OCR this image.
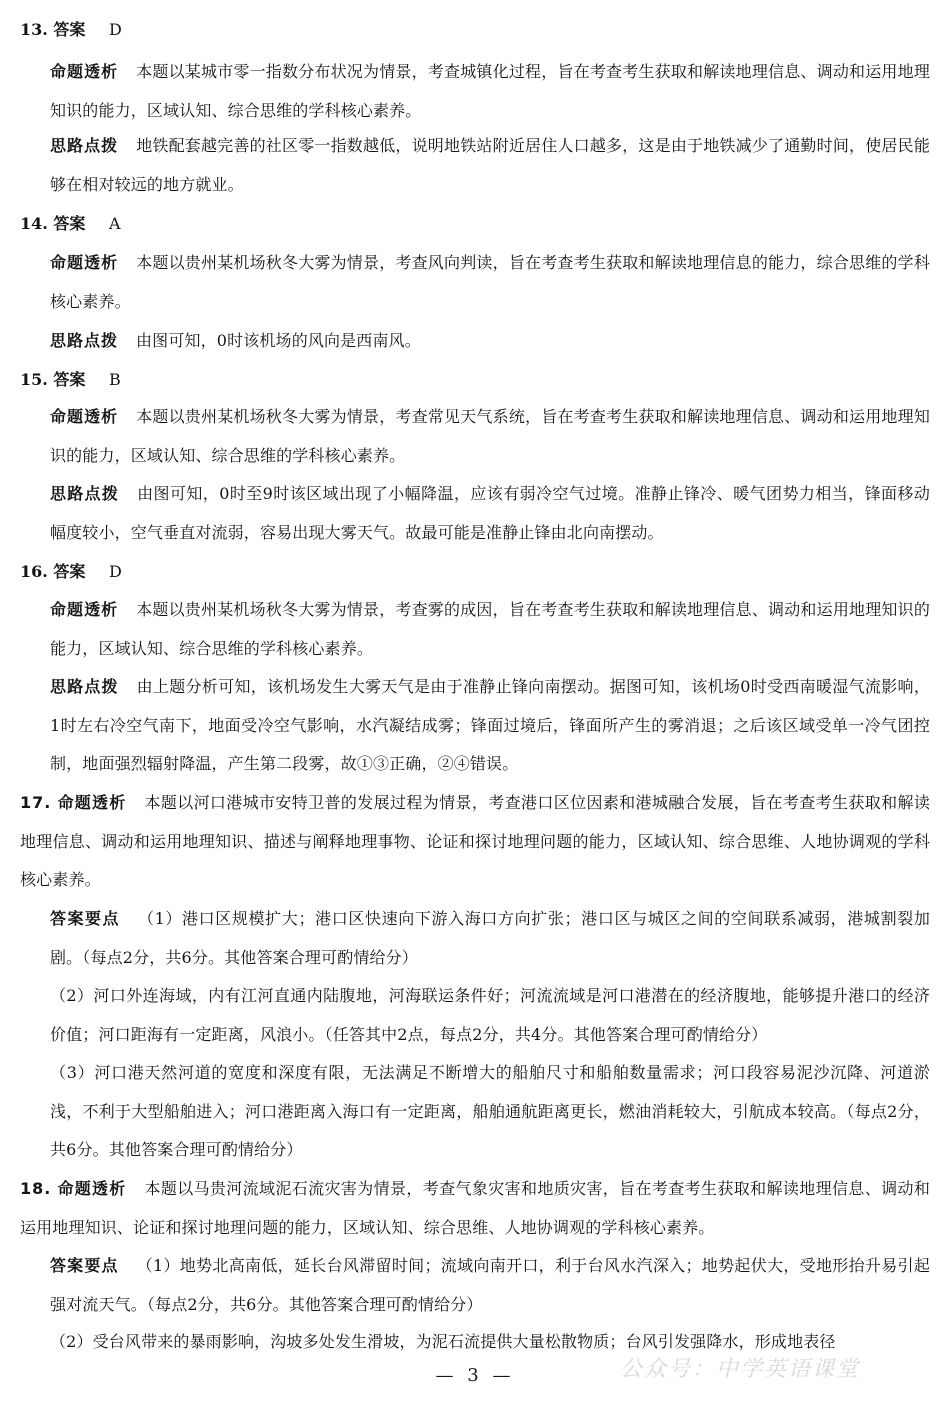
13. 答案 D
命题透析 本题以某城市零一指数分布状况为情景，考查城镇化过程，旨在考查考生获取和解读地理信息、调动和运用地理知识的能力，区域认知、综合思维的学科核心素养。
思路点拨 地铁配套越完善的社区零一指数越低，说明地铁站附近居住人口越多，这是由于地铁减少了通勤时间，使居民能够在相对较远的地方就业。
14. 答案 A
命题透析 本题以贵州某机场秋冬大雾为情景，考查风向判读，旨在考查考生获取和解读地理信息的能力，综合思维的学科核心素养。
思路点拨 由图可知，0时该机场的风向是西南风。
15. 答案 B
命题透析 本题以贵州某机场秋冬大雾为情景，考查常见天气系统，旨在考查考生获取和解读地理信息、调动和运用地理知识的能力，区域认知、综合思维的学科核心素养。
思路点拨 由图可知，0时至9时该区域出现了小幅降温，应该有弱冷空气过境。准静止锋冷、暖气团势力相当，锋面移动幅度较小，空气垂直对流弱，容易出现大雾天气。故最可能是准静止锋由北向南摆动。
16. 答案 D
命题透析 本题以贵州某机场秋冬大雾为情景，考查雾的成因，旨在考查考生获取和解读地理信息、调动和运用地理知识的能力，区域认知、综合思维的学科核心素养。
思路点拨 由上题分析可知，该机场发生大雾天气是由于准静止锋向南摆动。据图可知，该机场0时受西南暖湿气流影响，1时左右冷空气南下，地面受冷空气影响，水汽凝结成雾；锋面过境后，锋面所产生的雾消退；之后该区域受单一冷气团控制，地面强烈辐射降温，产生第二段雾，故①③正确，②④错误。
17. 命题透析 本题以河口港城市安特卫普的发展过程为情景，考查港口区位因素和港城融合发展，旨在考查考生获取和解读地理信息、调动和运用地理知识、描述与阐释地理事物、论证和探讨地理问题的能力，区域认知、综合思维、人地协调观的学科核心素养。
答案要点 （1）港口区规模扩大；港口区快速向下游入海口方向扩张；港口区与城区之间的空间联系减弱，港城割裂加剧。（每点2分，共6分。其他答案合理可酌情给分）
（2）河口外连海域，内有江河直通内陆腹地，河海联运条件好；河流流域是河口港潜在的经济腹地，能够提升港口的经济价值；河口距海有一定距离，风浪小。（任答其中2点，每点2分，共4分。其他答案合理可酌情给分）
（3）河口港天然河道的宽度和深度有限，无法满足不断增大的船舶尺寸和船舶数量需求；河口段容易泥沙沉降、河道淤浅，不利于大型船舶进入；河口港距离入海口有一定距离，船舶通航距离更长，燃油消耗较大，引航成本较高。（每点2分，共6分。其他答案合理可酌情给分）
18. 命题透析 本题以马贵河流域泥石流灾害为情景，考查气象灾害和地质灾害，旨在考查考生获取和解读地理信息、调动和运用地理知识、论证和探讨地理问题的能力，区域认知、综合思维、人地协调观的学科核心素养。
答案要点 （1）地势北高南低，延长台风滞留时间；流域向南开口，利于台风水汽深入；地势起伏大，受地形抬升易引起强对流天气。（每点2分，共6分。其他答案合理可酌情给分）
（2）受台风带来的暴雨影响，沟坡多处发生滑坡，为泥石流提供大量松散物质；台风引发强降水，形成地表径
— 3 —	公众号：中学英语课堂
